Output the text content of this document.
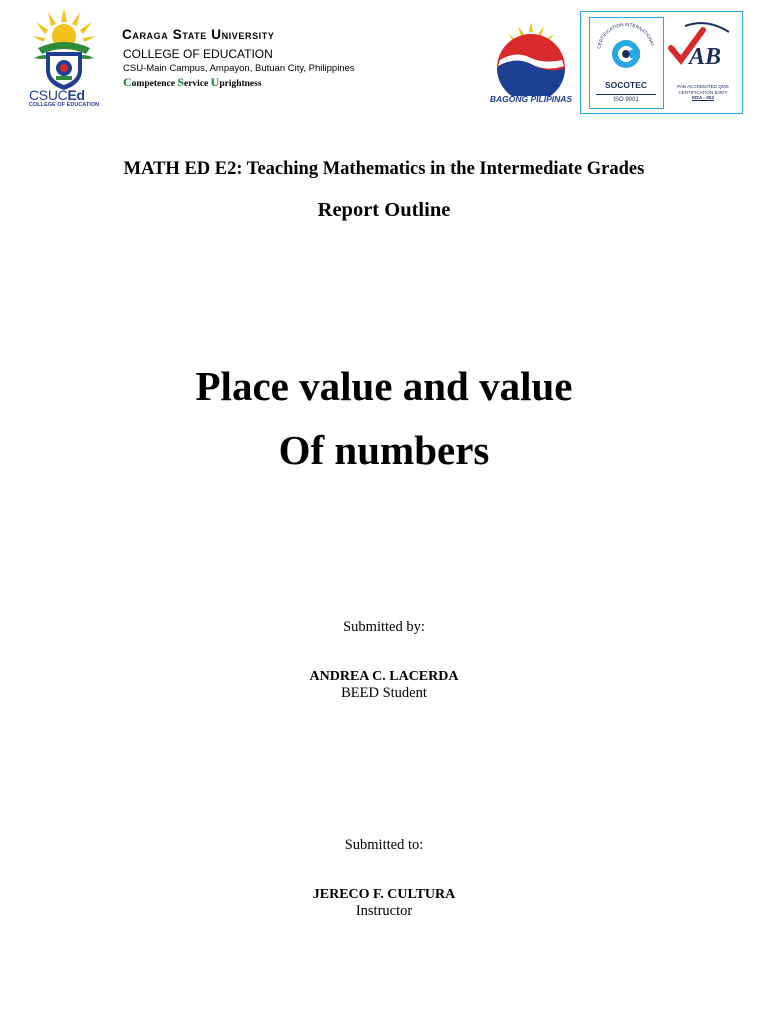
CSUCEd
COLLEGE OF EDUCATION
Caraga State University
COLLEGE OF EDUCATION
CSU-Main Campus, Ampayon, Butuan City, Philippines
Competence Service Uprightness
BAGONG PILIPINAS
CERTIFICATION INTERNATIONAL
SOCOTEC
ISO 9001
AB
PAB ACCREDITED QMS
CERTIFICATION BODY
MSA - 003
MATH ED E2: Teaching Mathematics in the Intermediate Grades
Report Outline
Place value and value
Of numbers
Submitted by:
ANDREA C. LACERDA
BEED Student
Submitted to:
JERECO F. CULTURA
Instructor
